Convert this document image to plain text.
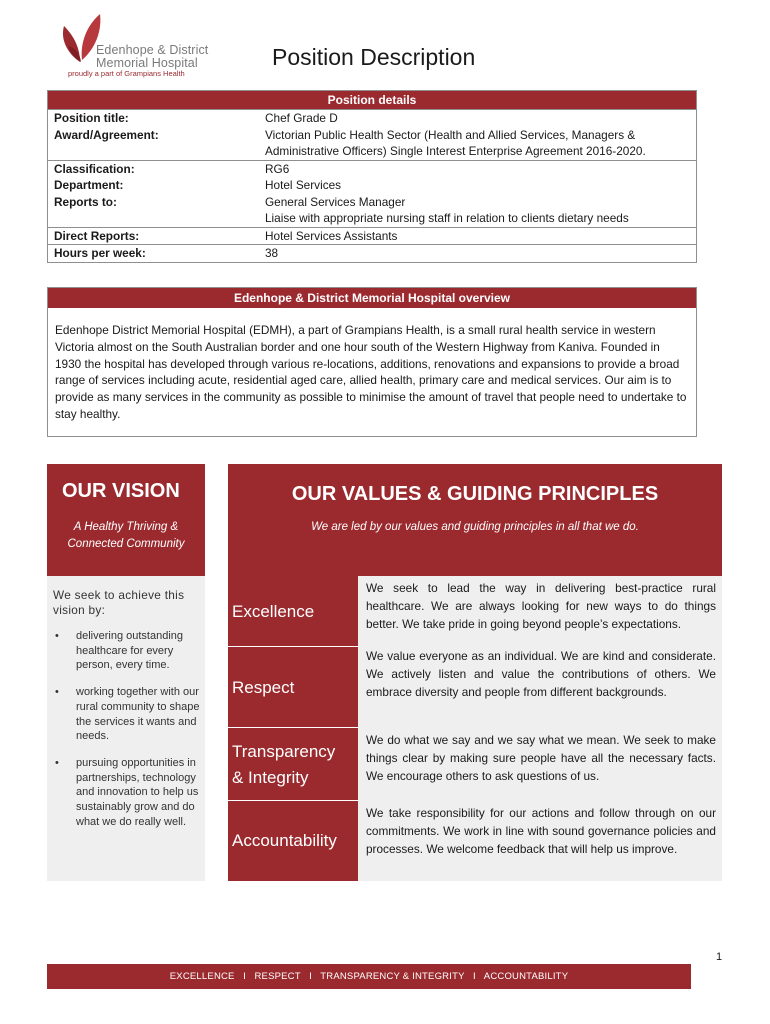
Edenhope & District
Memorial Hospital
proudly a part of Grampians Health
Position Description
Position details
Position title:	Chef Grade D
Award/Agreement:	Victorian Public Health Sector (Health and Allied Services, Managers &
Administrative Officers) Single Interest Enterprise Agreement 2016-2020.
Classification:	RG6
Department:	Hotel Services
Reports to:	General Services Manager
Liaise with appropriate nursing staff in relation to clients dietary needs
Direct Reports:	Hotel Services Assistants
Hours per week:	38
Edenhope & District Memorial Hospital overview
Edenhope District Memorial Hospital (EDMH), a part of Grampians Health, is a small rural health service in western Victoria almost on the South Australian border and one hour south of the Western Highway from Kaniva. Founded in 1930 the hospital has developed through various re-locations, additions, renovations and expansions to provide a broad range of services including acute, residential aged care, allied health, primary care and medical services. Our aim is to provide as many services in the community as possible to minimise the amount of travel that people need to undertake to stay healthy.
OUR VISION
A Healthy Thriving &
Connected Community
We seek to achieve this vision by:
• delivering outstanding healthcare for every person, every time.
• working together with our rural community to shape the services it wants and needs.
• pursuing opportunities in partnerships, technology and innovation to help us sustainably grow and do what we do really well.
OUR VALUES & GUIDING PRINCIPLES
We are led by our values and guiding principles in all that we do.
Excellence
We seek to lead the way in delivering best-practice rural healthcare. We are always looking for new ways to do things better. We take pride in going beyond people’s expectations.
Respect
We value everyone as an individual. We are kind and considerate. We actively listen and value the contributions of others. We embrace diversity and people from different backgrounds.
Transparency
& Integrity
We do what we say and we say what we mean. We seek to make things clear by making sure people have all the necessary facts. We encourage others to ask questions of us.
Accountability
We take responsibility for our actions and follow through on our commitments. We work in line with sound governance policies and processes. We welcome feedback that will help us improve.
1
EXCELLENCE   I   RESPECT   I   TRANSPARENCY & INTEGRITY   I   ACCOUNTABILITY
